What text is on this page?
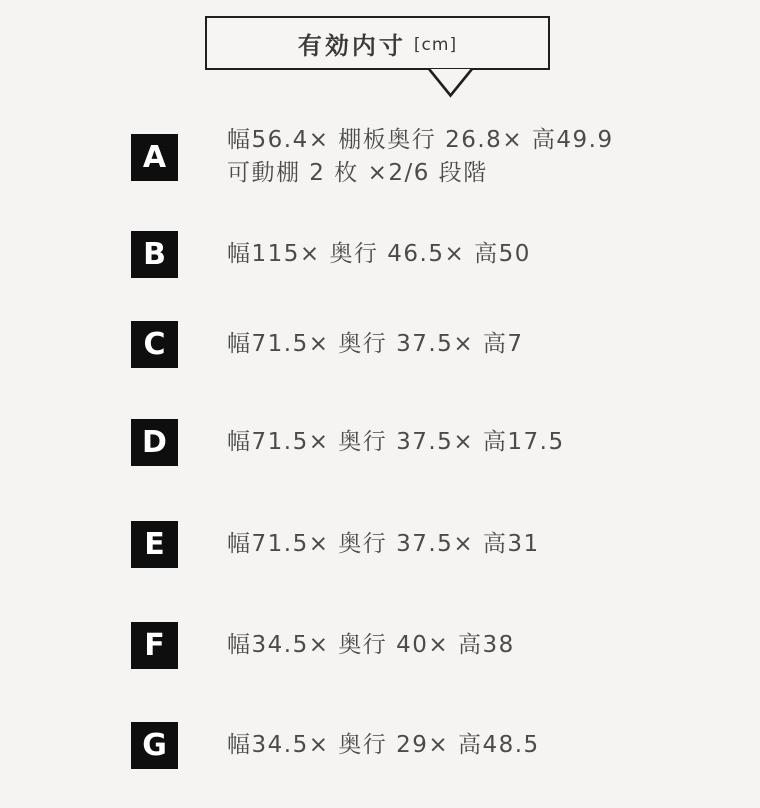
有効内寸 [cm]
A	幅56.4× 棚板奥行 26.8× 高49.9
可動棚 2 枚 ×2/6 段階
B	幅115× 奥行 46.5× 高50
C	幅71.5× 奥行 37.5× 高7
D	幅71.5× 奥行 37.5× 高17.5
E	幅71.5× 奥行 37.5× 高31
F	幅34.5× 奥行 40× 高38
G	幅34.5× 奥行 29× 高48.5
